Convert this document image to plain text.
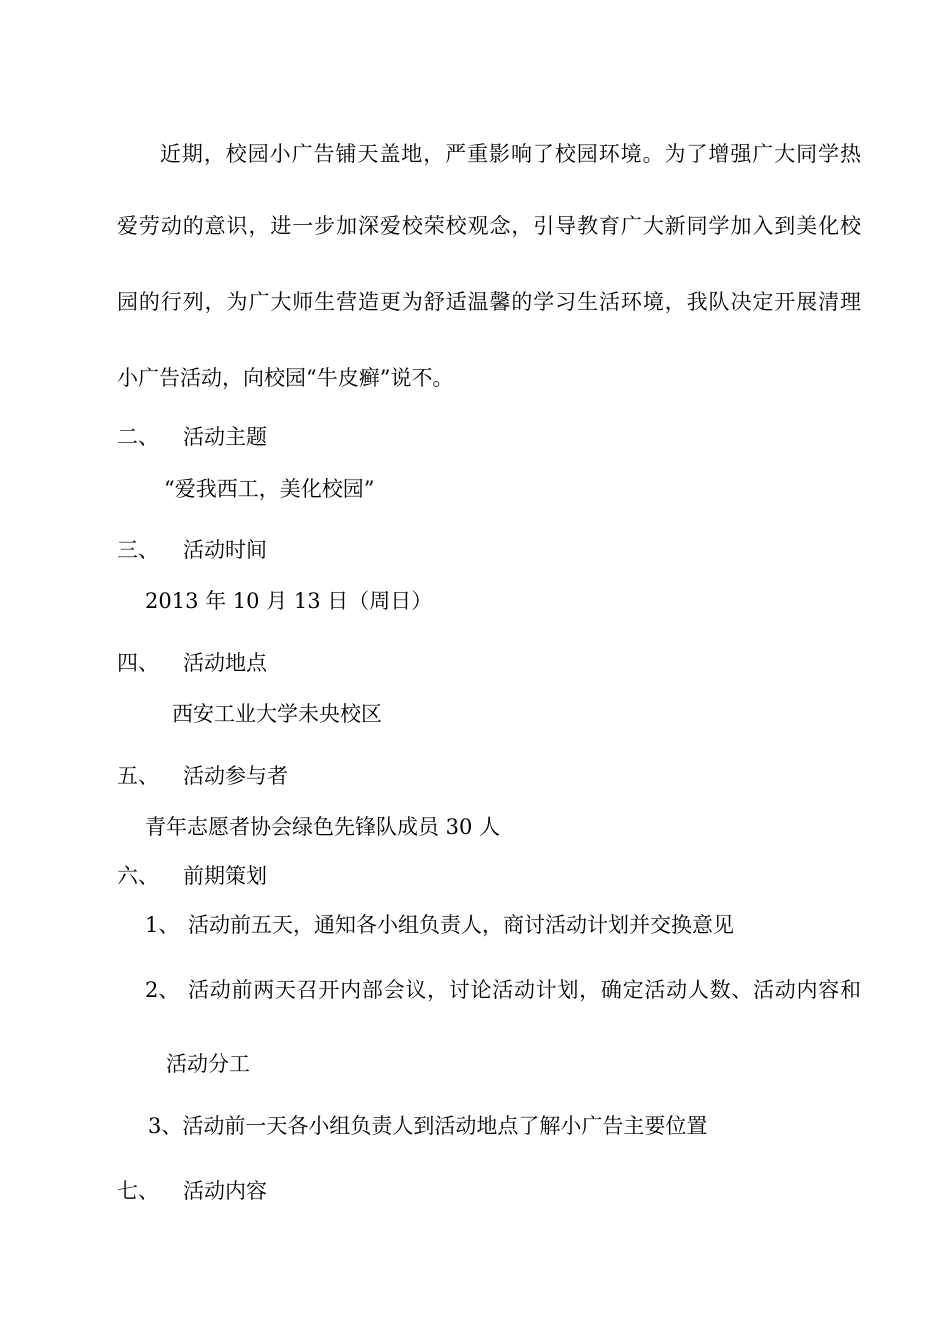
近期，校园小广告铺天盖地，严重影响了校园环境。为了增强广大同学热
爱劳动的意识，进一步加深爱校荣校观念，引导教育广大新同学加入到美化校
园的行列，为广大师生营造更为舒适温馨的学习生活环境，我队决定开展清理
小广告活动，向校园“牛皮癣”说不。
二、 活动主题
“爱我西工，美化校园”
三、 活动时间
2013 年 10 月 13 日（周日）
四、 活动地点
西安工业大学未央校区
五、 活动参与者
青年志愿者协会绿色先锋队成员 30 人
六、 前期策划
1、 活动前五天，通知各小组负责人，商讨活动计划并交换意见
2、 活动前两天召开内部会议，讨论活动计划，确定活动人数、活动内容和
活动分工
3、活动前一天各小组负责人到活动地点了解小广告主要位置
七、 活动内容
